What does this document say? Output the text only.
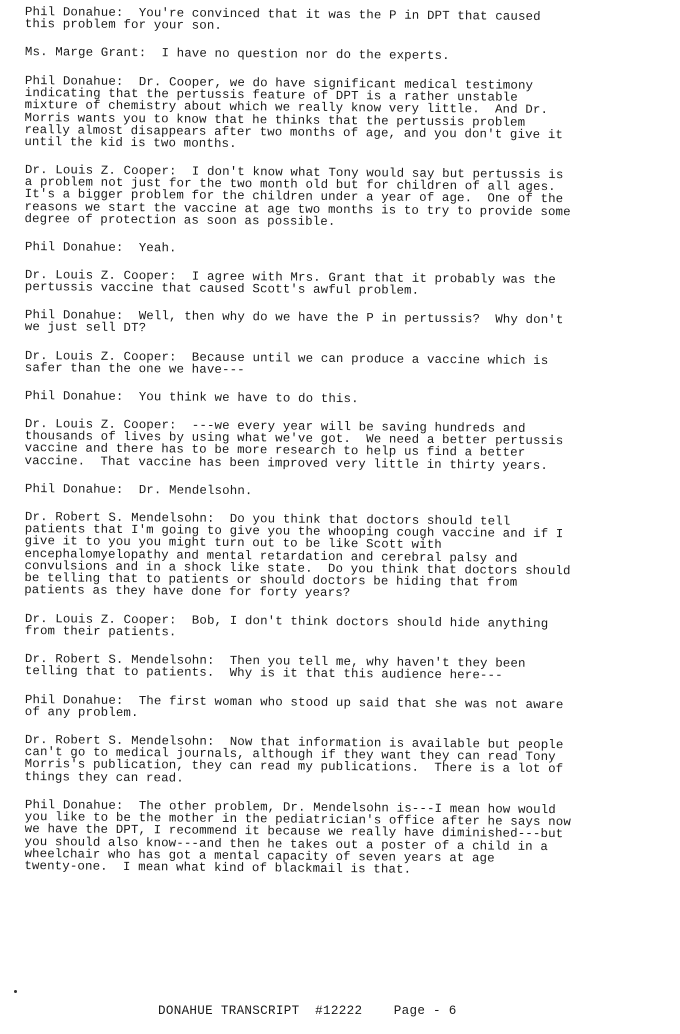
Phil Donahue:  You're convinced that it was the P in DPT that caused
this problem for your son.

Ms. Marge Grant:  I have no question nor do the experts.

Phil Donahue:  Dr. Cooper, we do have significant medical testimony
indicating that the pertussis feature of DPT is a rather unstable
mixture of chemistry about which we really know very little.  And Dr.
Morris wants you to know that he thinks that the pertussis problem
really almost disappears after two months of age, and you don't give it
until the kid is two months.

Dr. Louis Z. Cooper:  I don't know what Tony would say but pertussis is
a problem not just for the two month old but for children of all ages.
It's a bigger problem for the children under a year of age.  One of the
reasons we start the vaccine at age two months is to try to provide some
degree of protection as soon as possible.

Phil Donahue:  Yeah.

Dr. Louis Z. Cooper:  I agree with Mrs. Grant that it probably was the
pertussis vaccine that caused Scott's awful problem.

Phil Donahue:  Well, then why do we have the P in pertussis?  Why don't
we just sell DT?

Dr. Louis Z. Cooper:  Because until we can produce a vaccine which is
safer than the one we have---

Phil Donahue:  You think we have to do this.

Dr. Louis Z. Cooper:  ---we every year will be saving hundreds and
thousands of lives by using what we've got.  We need a better pertussis
vaccine and there has to be more research to help us find a better
vaccine.  That vaccine has been improved very little in thirty years.

Phil Donahue:  Dr. Mendelsohn.

Dr. Robert S. Mendelsohn:  Do you think that doctors should tell
patients that I'm going to give you the whooping cough vaccine and if I
give it to you you might turn out to be like Scott with
encephalomyelopathy and mental retardation and cerebral palsy and
convulsions and in a shock like state.  Do you think that doctors should
be telling that to patients or should doctors be hiding that from
patients as they have done for forty years?

Dr. Louis Z. Cooper:  Bob, I don't think doctors should hide anything
from their patients.

Dr. Robert S. Mendelsohn:  Then you tell me, why haven't they been
telling that to patients.  Why is it that this audience here---

Phil Donahue:  The first woman who stood up said that she was not aware
of any problem.

Dr. Robert S. Mendelsohn:  Now that information is available but people
can't go to medical journals, although if they want they can read Tony
Morris's publication, they can read my publications.  There is a lot of
things they can read.

Phil Donahue:  The other problem, Dr. Mendelsohn is---I mean how would
you like to be the mother in the pediatrician's office after he says now
we have the DPT, I recommend it because we really have diminished---but
you should also know---and then he takes out a poster of a child in a
wheelchair who has got a mental capacity of seven years at age
twenty-one.  I mean what kind of blackmail is that.

DONAHUE TRANSCRIPT #12222 Page - 6
